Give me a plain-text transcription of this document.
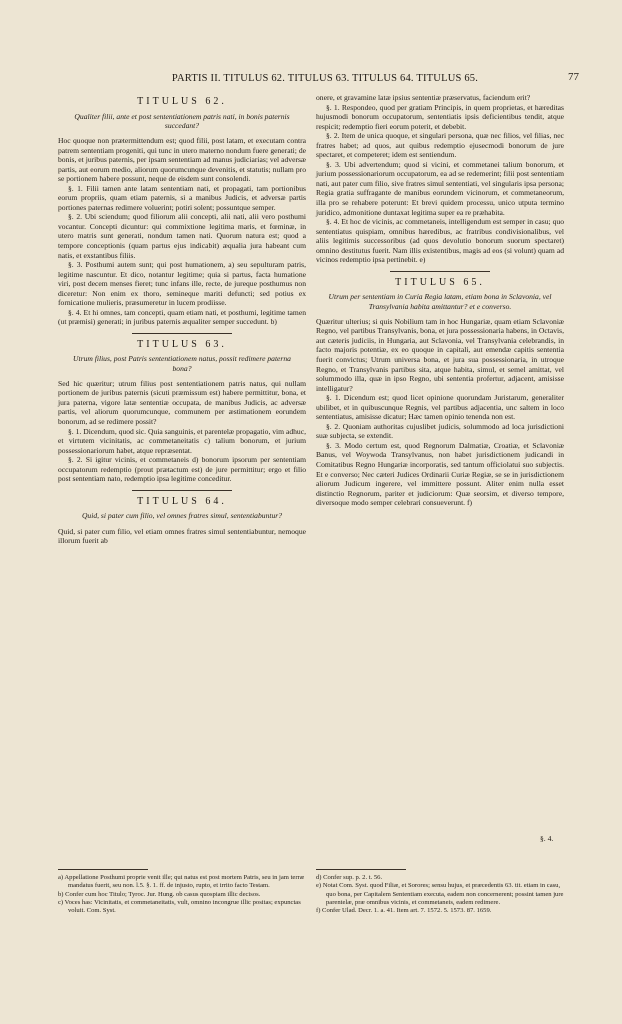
PARTIS II. TITULUS 62. TITULUS 63. TITULUS 64. TITULUS 65.	77
TITULUS 62.
Qualiter filii, ante et post sententiationem patris nati, in bonis paternis succedant?

Hoc quoque non prætermittendum est; quod filii, post latam, et executam contra patrem sententiam progeniti, qui tunc in utero materno nondum fuere generati; de bonis, et juribus paternis, per ipsam sententiam ad manus judiciarias; vel adversæ partis, aut eorum medio, aliorum quorumcunque devenitis, et statutis; nullam pro se portionem habere possunt, neque de eisdem sunt consolendi.

§. 1. Filii tamen ante latam sententiam nati, et propagati, tam portionibus eorum propriis, quam etiam paternis, si a manibus Judicis, et adversæ partis portiones paternas redimere voluerint; potiri solent; possuntque semper.

§. 2. Ubi sciendum; quod filiorum alii concepti, alii nati, alii vero posthumi vocantur. Concepti dicuntur: qui commixtione legitima maris, et fœminæ, in utero matris sunt generati, nondum tamen nati. Quorum natura est; quod a tempore conceptionis (quam partus ejus indicabit) æqualia jura habeant cum natis, et exstantibus filiis.

§. 3. Posthumi autem sunt; qui post humationem, a) seu sepulturam patris, legitime nascuntur. Et dico, notantur legitime; quia si partus, facta humatione viri, post decem menses fieret; tunc infans ille, recte, de jureque posthumus non diceretur: Non enim ex thoro, semineque mariti defuncti; sed potius ex fornicatione mulieris, præsumeretur in lucem prodiisse.

§. 4. Et hi omnes, tam concepti, quam etiam nati, et posthumi, legitime tamen (ut præmisi) generati; in juribus paternis æqualiter semper succedunt. b)

TITULUS 63.
Utrum filius, post Patris sententiationem natus, possit redimere paterna bona?

Sed hic quæritur; utrum filius post sententiationem patris natus, qui nullam portionem de juribus paternis (sicuti præmissum est) habere permittitur, bona, et jura paterna, vigore latæ sententiæ occupata, de manibus Judicis, ac adversæ partis, vel aliorum quorumcunque, communem per æstimationem eorundem bonorum, ad se redimere possit?

§. 1. Dicendum, quod sic. Quia sanguinis, et parentelæ propagatio, vim adhuc, et virtutem vicinitatis, ac commetaneitatis c) talium bonorum, et jurium possessionariorum habet, atque repræsentat.

§. 2. Si igitur vicinis, et commetaneis d) bonorum ipsorum per sententiam occupatorum redemptio (prout prætactum est) de jure permittitur; ergo et filio post sententiam nato, redemptio ipsa legitime conceditur.

TITULUS 64.
Quid, si pater cum filio, vel omnes fratres simul, sententiabuntur?

Quid, si pater cum filio, vel etiam omnes fratres simul sententiabuntur, nemoque illorum fuerit ab

onere, et gravamine latæ ipsius sententiæ præservatus, faciendum erit?

§. 1. Respondeo, quod per gratiam Principis, in quem proprietas, et hæreditas hujusmodi bonorum occupatorum, sententiatis ipsis deficientibus tendit, atque respicit; redemptio fieri eorum poterit, et debebit.

§. 2. Item de unica quoque, et singulari persona, quæ nec filios, vel filias, nec fratres habet; ad quos, aut quibus redemptio ejusecmodi bonorum de jure spectaret, et competeret; idem est sentiendum.

§. 3. Ubi advertendum; quod si vicini, et commetanei talium bonorum, et jurium possessionariorum occupatorum, ea ad se redemerint; filii post sententiam nati, aut pater cum filio, sive fratres simul sententiati, vel singularis ipsa persona; Regia gratia suffragante de manibus eorundem vicinorum, et commetaneorum, illa pro se rehabere poterunt: Et brevi quidem processu, unico utputa termino juridico, admonitione duntaxat legitima super ea re præhabita.

§. 4. Et hoc de vicinis, ac commetaneis, intelligendum est semper in casu; quo sententiatus quispiam, omnibus hæredibus, ac fratribus condivisionalibus, vel aliis legitimis successoribus (ad quos devolutio bonorum suorum spectaret) omnino destitutus fuerit. Nam illis existentibus, magis ad eos (si volunt) quam ad vicinos redemptio ipsa pertinebit. e)

TITULUS 65.
Utrum per sententiam in Curia Regia latam, etiam bona in Sclavonia, vel Transylvania habita amittantur? et e converso.

Quæritur ulterius; si quis Nobilium tam in hoc Hungariæ, quam etiam Sclavoniæ Regno, vel partibus Transylvanis, bona, et jura possessionaria habens, in Octavis, aut cæteris judiciis, in Hungaria, aut Sclavonia, vel Transylvania celebrandis, in facto majoris potentiæ, ex eo quoque in capitali, aut emendæ capitis sententia fuerit convictus; Utrum universa bona, et jura sua possessionaria, in utroque Regno, et Transylvanis partibus sita, atque habita, simul, et semel amittat, vel solummodo illa, quæ in ipso Regno, ubi sententia profertur, adjacent, amisisse intelligatur?

§. 1. Dicendum est; quod licet opinione quorundam Juristarum, generaliter ubilibet, et in quibuscunque Regnis, vel partibus adjacentia, unc saltem in loco sententiatus, amisisse dicatur; Hæc tamen opinio tenenda non est.

§. 2. Quoniam authoritas cujuslibet judicis, solummodo ad loca jurisdictioni suæ subjecta, se extendit.

§. 3. Modo certum est, quod Regnorum Dalmatiæ, Croatiæ, et Sclavoniæ Banus, vel Woywoda Transylvanus, non habet jurisdictionem judicandi in Comitatibus Regno Hungariæ incorporatis, sed tantum officiolatui suo subjectis. Et e converso; Nec cæteri Judices Ordinarii Curiæ Regiæ, se se in jurisdictionem aliorum Judicum ingerere, vel immittere possunt. Aliter enim nulla esset distinctio Regnorum, pariter et judiciorum: Quæ seorsim, et diverso tempore, diversoque modo semper celebrari consueverunt. f)

§. 4.

a) Appellatione Posthumi proprie venit ille; qui natus est post mortem Patris, seu in jam terræ mandatus fuerit, seu non. l.5. §. 1. ff. de injusto, rupto, et irrito facto Testam.

b) Confer cum hoc Titulo; Tyroc. Jur. Hung. ob casus quospiam illic decisos.

c) Voces has: Vicinitatis, et commetaneitatis, vult, omnino incongrue illic positas; expunctas voluit. Com. Syst.

d) Confer sup. p. 2. t. 56.

e) Notat Com. Syst. quod Filiæ, et Sorores; sensu hujus, et præcedentis 63. tit. etiam in casu, quo bona, per Capitalem Sententiam executa, eadem non concernerent; possint tamen jure parentelæ, præ omnibus vicinis, et commetaneis, eadem redimere.

f) Confer Ulad. Decr. 1. a. 41. Item art. 7. 1572. 5. 1573. 87. 1659.
